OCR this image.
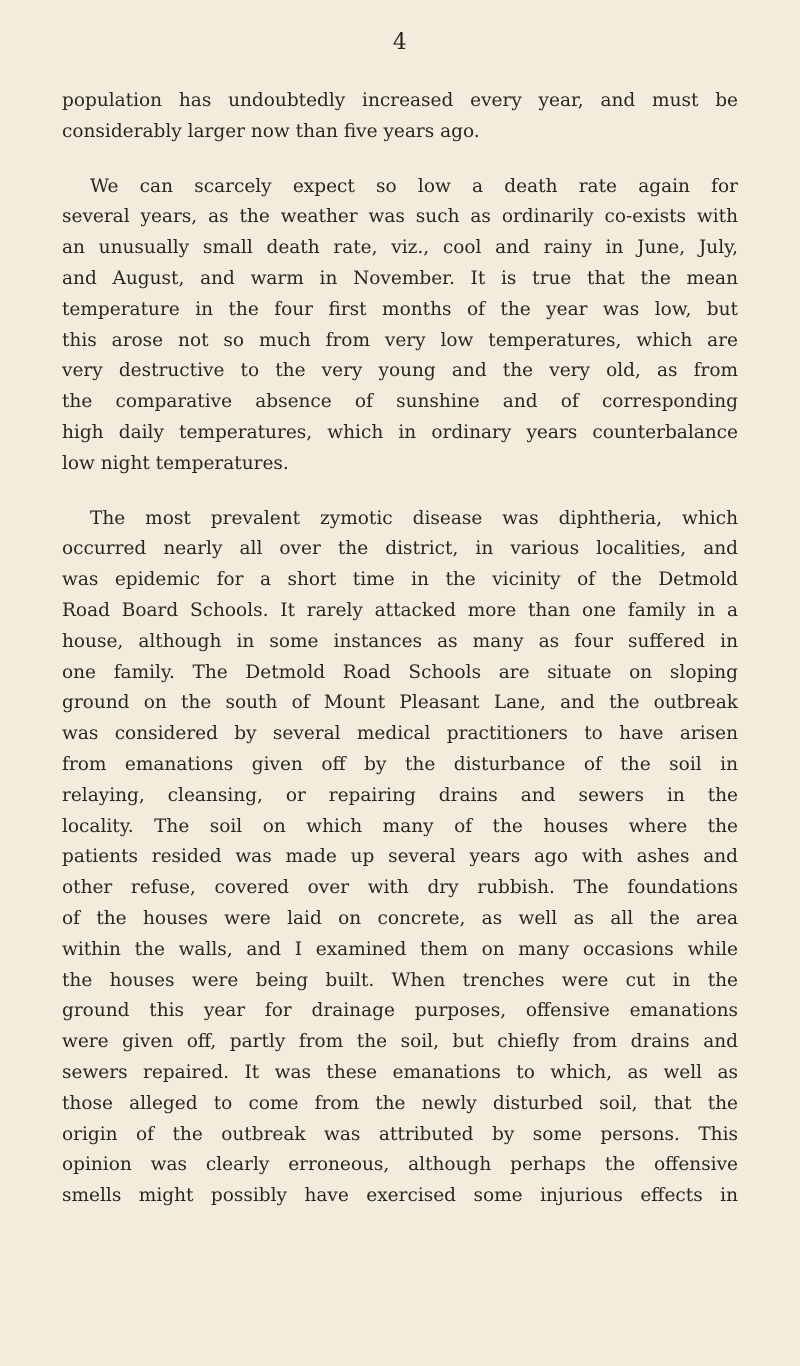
4

population has undoubtedly increased every year, and must be
considerably larger now than five years ago.

We can scarcely expect so low a death rate again for
several years, as the weather was such as ordinarily co-exists with
an unusually small death rate, viz., cool and rainy in June, July,
and August, and warm in November. It is true that the mean
temperature in the four first months of the year was low, but
this arose not so much from very low temperatures, which are
very destructive to the very young and the very old, as from
the comparative absence of sunshine and of corresponding
high daily temperatures, which in ordinary years counterbalance
low night temperatures.

The most prevalent zymotic disease was diphtheria, which
occurred nearly all over the district, in various localities, and
was epidemic for a short time in the vicinity of the Detmold
Road Board Schools. It rarely attacked more than one family in a
house, although in some instances as many as four suffered in
one family. The Detmold Road Schools are situate on sloping
ground on the south of Mount Pleasant Lane, and the outbreak
was considered by several medical practitioners to have arisen
from emanations given off by the disturbance of the soil in
relaying, cleansing, or repairing drains and sewers in the
locality. The soil on which many of the houses where the
patients resided was made up several years ago with ashes and
other refuse, covered over with dry rubbish. The foundations
of the houses were laid on concrete, as well as all the area
within the walls, and I examined them on many occasions while
the houses were being built. When trenches were cut in the
ground this year for drainage purposes, offensive emanations
were given off, partly from the soil, but chiefly from drains and
sewers repaired. It was these emanations to which, as well as
those alleged to come from the newly disturbed soil, that the
origin of the outbreak was attributed by some persons. This
opinion was clearly erroneous, although perhaps the offensive
smells might possibly have exercised some injurious effects in
